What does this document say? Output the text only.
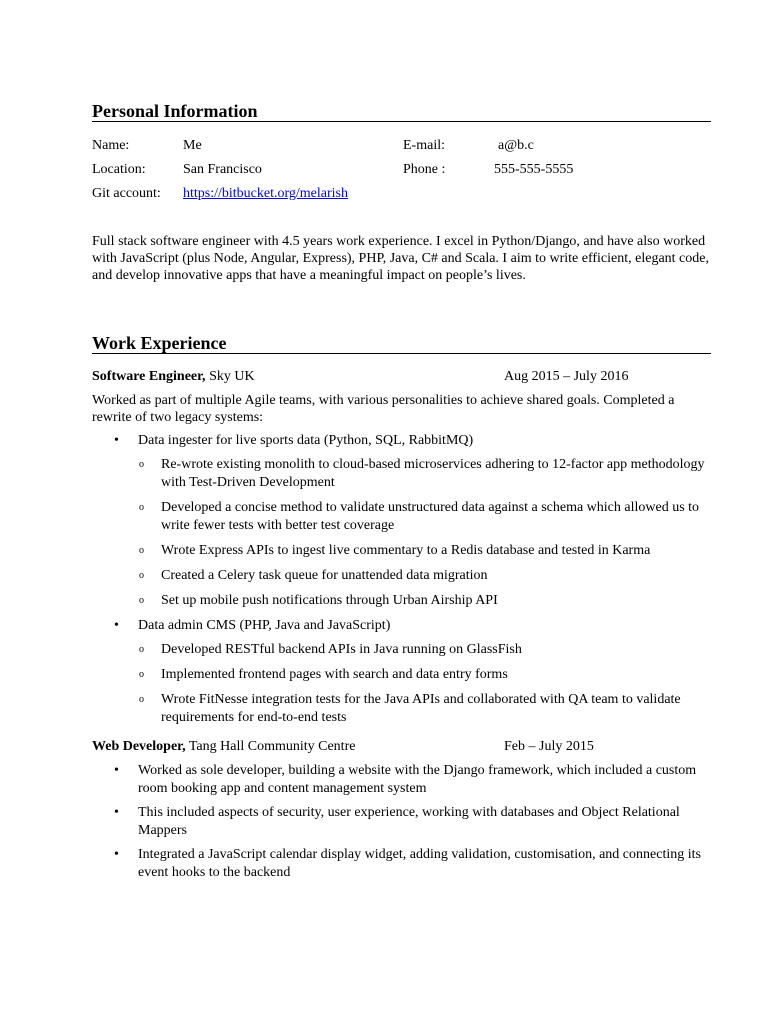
Personal Information
Name:	Me	E-mail:	a@b.c
Location:	San Francisco	Phone :	555-555-5555
Git account: https://bitbucket.org/melarish

Full stack software engineer with 4.5 years work experience. I excel in Python/Django, and have also worked with JavaScript (plus Node, Angular, Express), PHP, Java, C# and Scala. I aim to write efficient, elegant code, and develop innovative apps that have a meaningful impact on people’s lives.

Work Experience
Software Engineer, Sky UK	Aug 2015 – July 2016

Worked as part of multiple Agile teams, with various personalities to achieve shared goals. Completed a rewrite of two legacy systems:

• Data ingester for live sports data (Python, SQL, RabbitMQ)
o Re-wrote existing monolith to cloud-based microservices adhering to 12-factor app methodology with Test-Driven Development
o Developed a concise method to validate unstructured data against a schema which allowed us to write fewer tests with better test coverage
o Wrote Express APIs to ingest live commentary to a Redis database and tested in Karma
o Created a Celery task queue for unattended data migration
o Set up mobile push notifications through Urban Airship API
• Data admin CMS (PHP, Java and JavaScript)
o Developed RESTful backend APIs in Java running on GlassFish
o Implemented frontend pages with search and data entry forms
o Wrote FitNesse integration tests for the Java APIs and collaborated with QA team to validate requirements for end-to-end tests
Web Developer, Tang Hall Community Centre	Feb – July 2015
• Worked as sole developer, building a website with the Django framework, which included a custom room booking app and content management system
• This included aspects of security, user experience, working with databases and Object Relational Mappers
• Integrated a JavaScript calendar display widget, adding validation, customisation, and connecting its event hooks to the backend
